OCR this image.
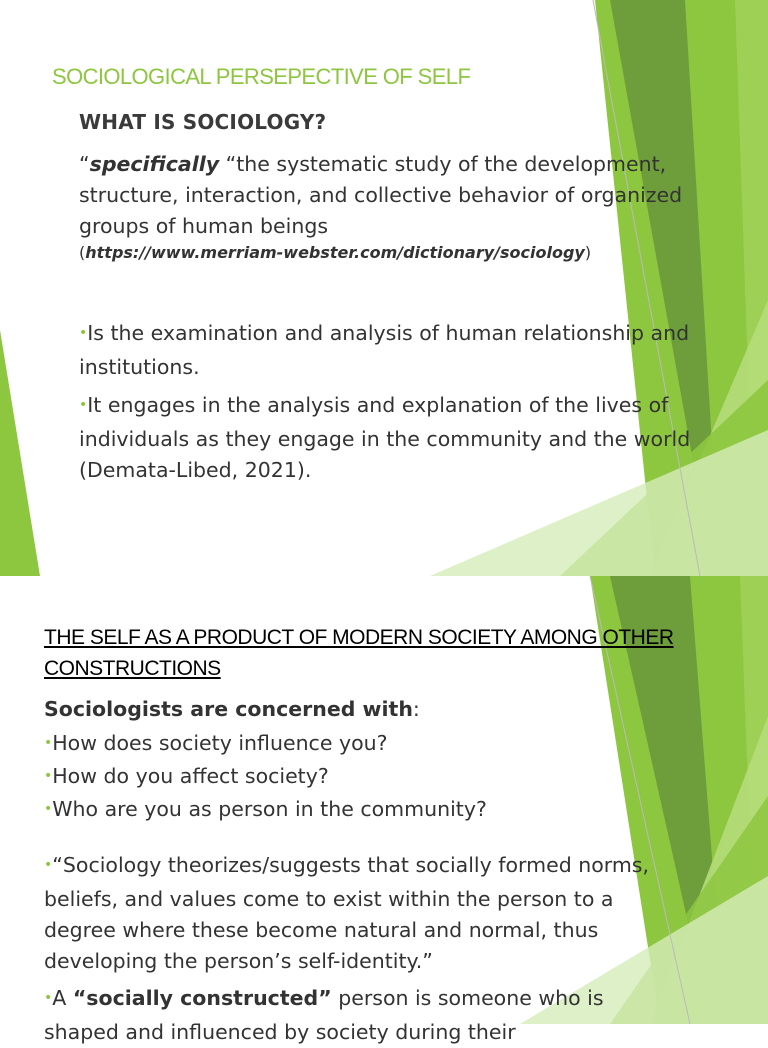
SOCIOLOGICAL PERSEPECTIVE OF SELF
WHAT IS SOCIOLOGY?

“specifically “the systematic study of the development, structure, interaction, and collective behavior of organized groups of human beings
(https://www.merriam-webster.com/dictionary/sociology)

•Is the examination and analysis of human relationship and institutions.

•It engages in the analysis and explanation of the lives of individuals as they engage in the community and the world (Demata-Libed, 2021).

THE SELF AS A PRODUCT OF MODERN SOCIETY AMONG OTHER CONSTRUCTIONS

Sociologists are concerned with:

•How does society influence you?
•How do you affect society?
•Who are you as person in the community?

•“Sociology theorizes/suggests that socially formed norms, beliefs, and values come to exist within the person to a degree where these become natural and normal, thus developing the person’s self-identity.”

•A “socially constructed” person is someone who is shaped and influenced by society during their
